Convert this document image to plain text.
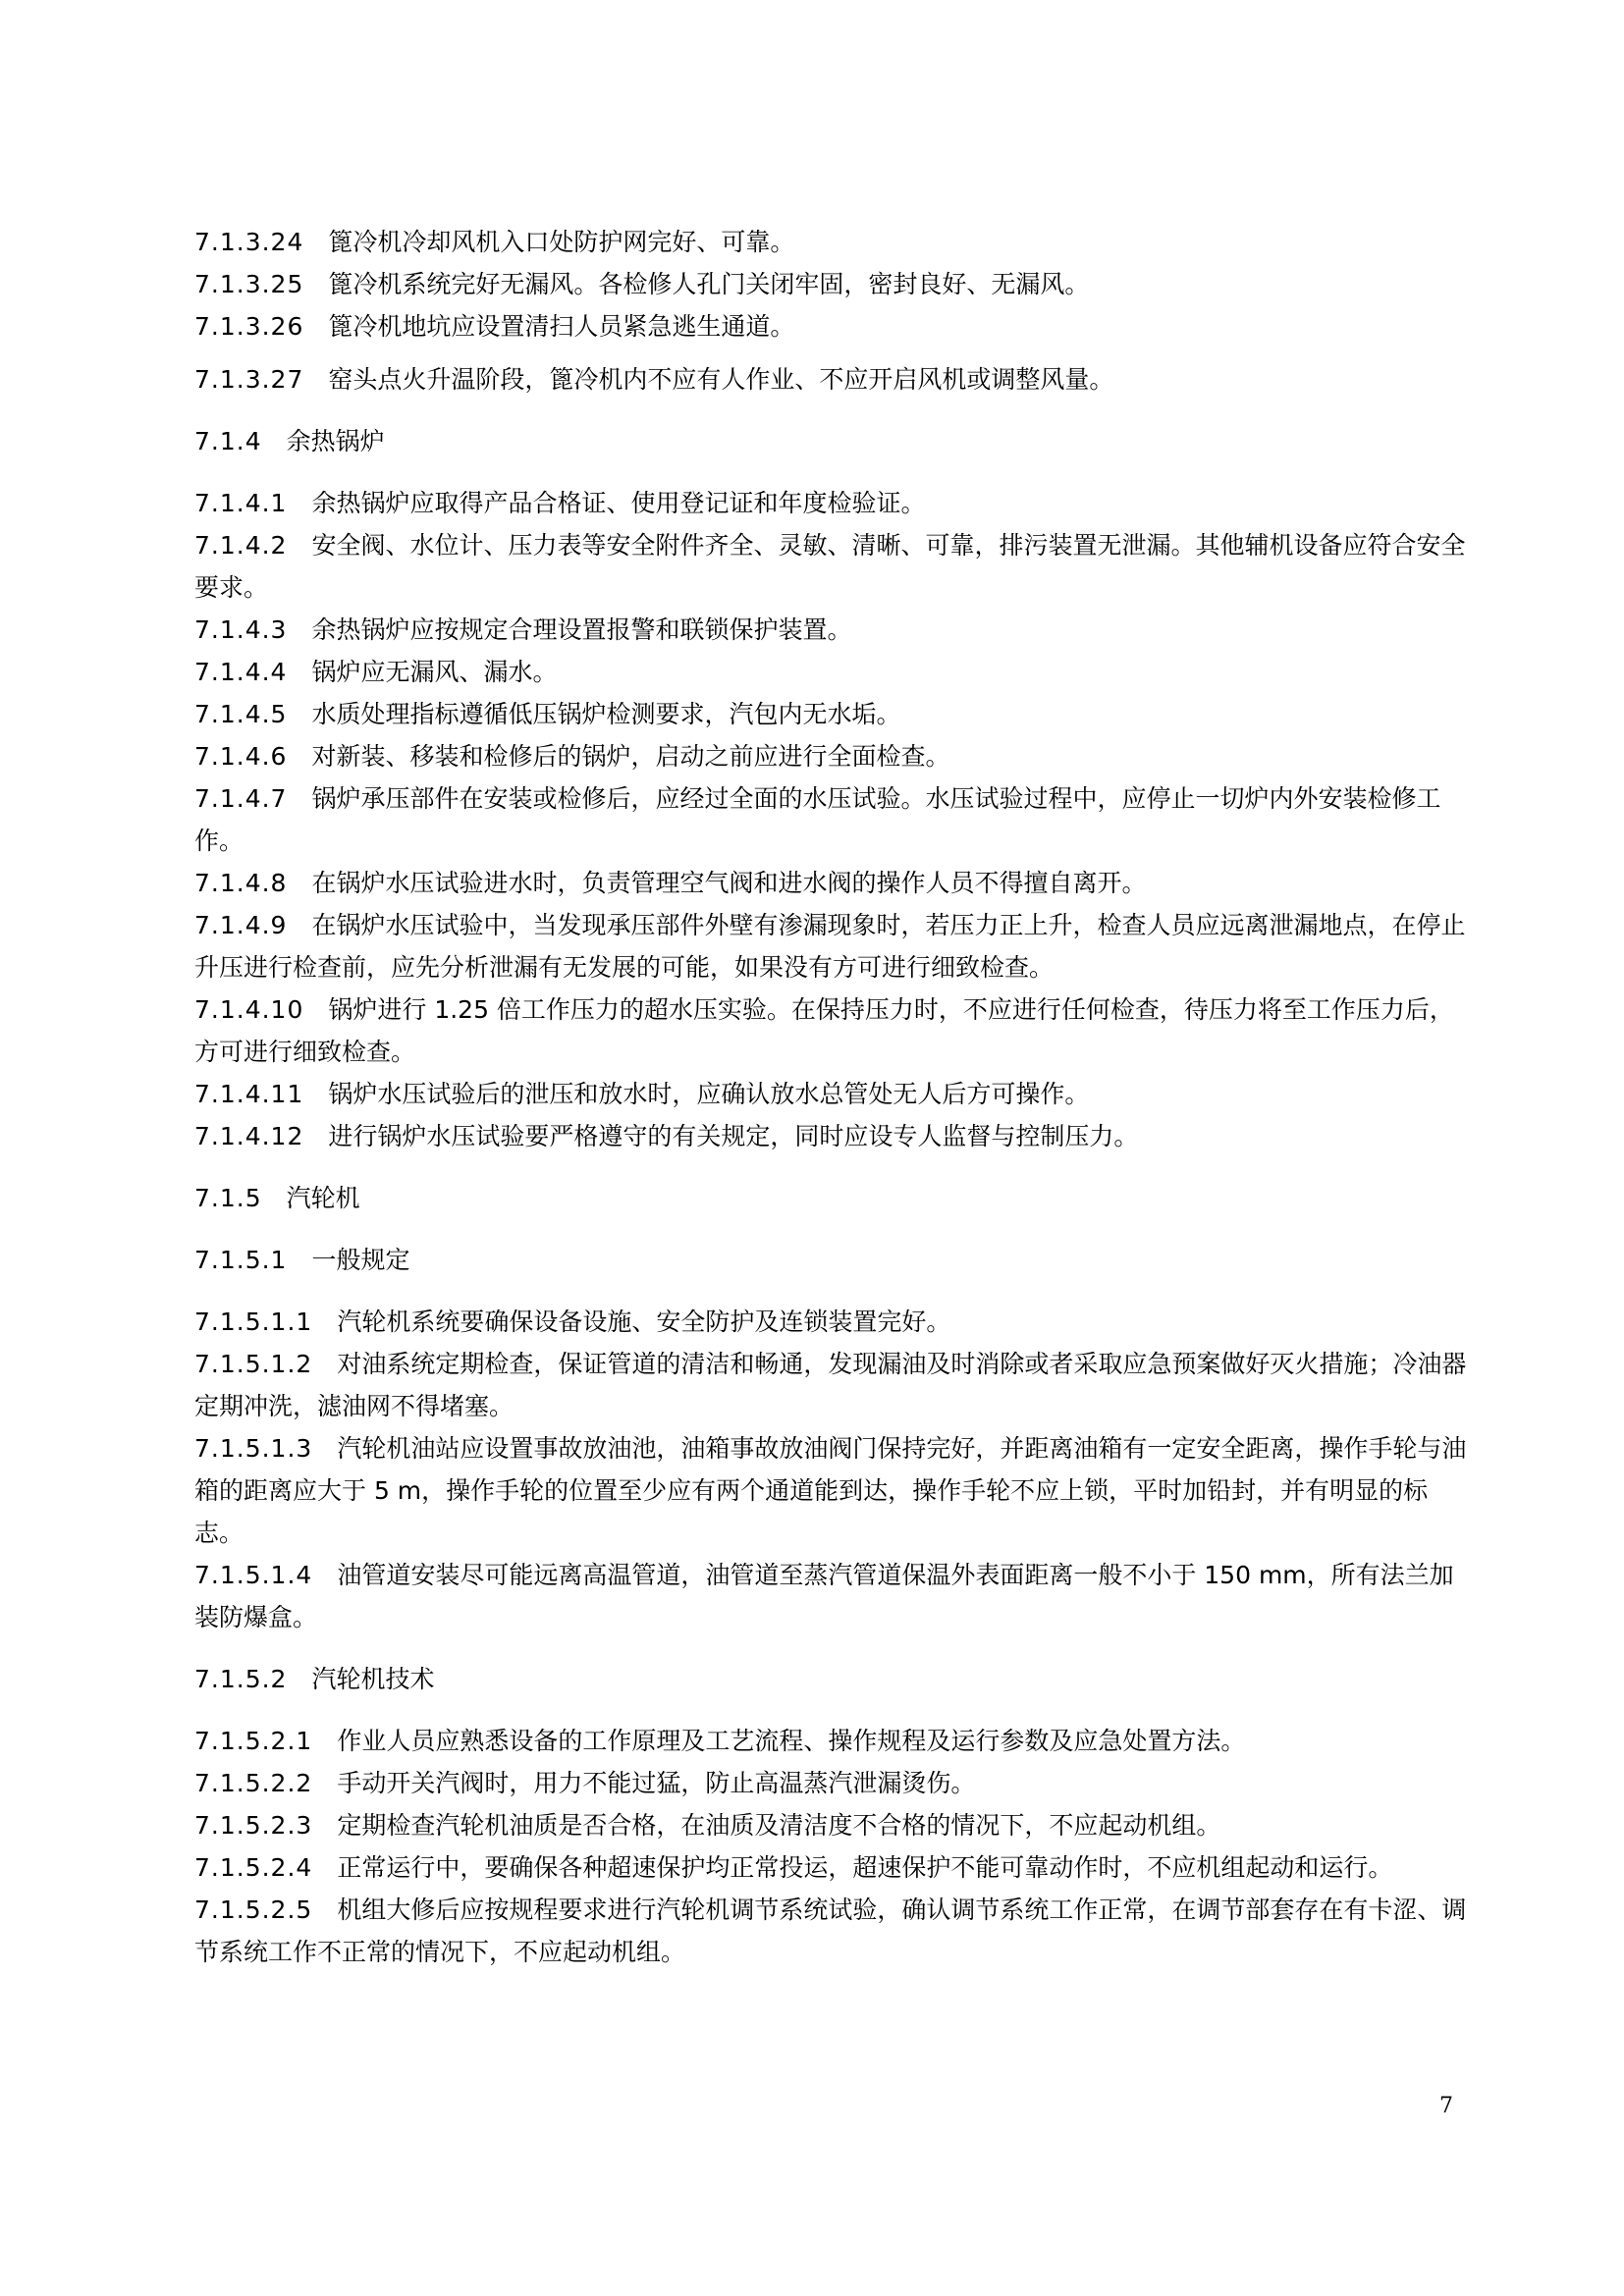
7.1.3.24  篦冷机冷却风机入口处防护网完好、可靠。

7.1.3.25  篦冷机系统完好无漏风。各检修人孔门关闭牢固，密封良好、无漏风。

7.1.3.26  篦冷机地坑应设置清扫人员紧急逃生通道。

7.1.3.27  窑头点火升温阶段，篦冷机内不应有人作业、不应开启风机或调整风量。

7.1.4  余热锅炉

7.1.4.1  余热锅炉应取得产品合格证、使用登记证和年度检验证。

7.1.4.2  安全阀、水位计、压力表等安全附件齐全、灵敏、清晰、可靠，排污装置无泄漏。其他辅机设备应符合安全要求。

7.1.4.3  余热锅炉应按规定合理设置报警和联锁保护装置。

7.1.4.4  锅炉应无漏风、漏水。

7.1.4.5  水质处理指标遵循低压锅炉检测要求，汽包内无水垢。

7.1.4.6  对新装、移装和检修后的锅炉，启动之前应进行全面检查。

7.1.4.7  锅炉承压部件在安装或检修后，应经过全面的水压试验。水压试验过程中，应停止一切炉内外安装检修工作。

7.1.4.8  在锅炉水压试验进水时，负责管理空气阀和进水阀的操作人员不得擅自离开。

7.1.4.9  在锅炉水压试验中，当发现承压部件外壁有渗漏现象时，若压力正上升，检查人员应远离泄漏地点，在停止升压进行检查前，应先分析泄漏有无发展的可能，如果没有方可进行细致检查。

7.1.4.10  锅炉进行 1.25 倍工作压力的超水压实验。在保持压力时，不应进行任何检查，待压力将至工作压力后，方可进行细致检查。

7.1.4.11  锅炉水压试验后的泄压和放水时，应确认放水总管处无人后方可操作。

7.1.4.12  进行锅炉水压试验要严格遵守的有关规定，同时应设专人监督与控制压力。

7.1.5  汽轮机

7.1.5.1  一般规定

7.1.5.1.1  汽轮机系统要确保设备设施、安全防护及连锁装置完好。

7.1.5.1.2  对油系统定期检查，保证管道的清洁和畅通，发现漏油及时消除或者采取应急预案做好灭火措施；冷油器定期冲洗，滤油网不得堵塞。

7.1.5.1.3  汽轮机油站应设置事故放油池，油箱事故放油阀门保持完好，并距离油箱有一定安全距离，操作手轮与油箱的距离应大于 5 m，操作手轮的位置至少应有两个通道能到达，操作手轮不应上锁，平时加铅封，并有明显的标志。

7.1.5.1.4  油管道安装尽可能远离高温管道，油管道至蒸汽管道保温外表面距离一般不小于 150 mm，所有法兰加装防爆盒。

7.1.5.2  汽轮机技术

7.1.5.2.1  作业人员应熟悉设备的工作原理及工艺流程、操作规程及运行参数及应急处置方法。

7.1.5.2.2  手动开关汽阀时，用力不能过猛，防止高温蒸汽泄漏烫伤。

7.1.5.2.3  定期检查汽轮机油质是否合格，在油质及清洁度不合格的情况下，不应起动机组。

7.1.5.2.4  正常运行中，要确保各种超速保护均正常投运，超速保护不能可靠动作时，不应机组起动和运行。

7.1.5.2.5  机组大修后应按规程要求进行汽轮机调节系统试验，确认调节系统工作正常，在调节部套存在有卡涩、调节系统工作不正常的情况下，不应起动机组。

7
